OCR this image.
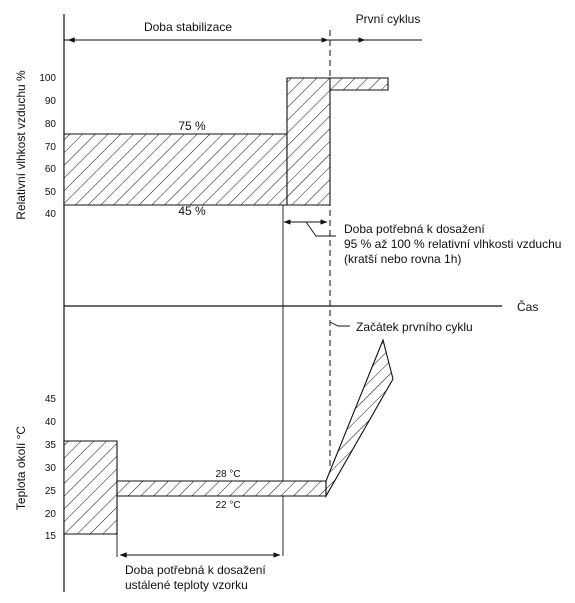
Doba stabilizace
První cyklus
100
90
80
70
60
50
40
Relativní vlhkost vzduchu %	75 %
45 %
Doba potřebná k dosažení
95 % až 100 % relativní vlhkosti vzduchu
(kratší nebo rovna 1h)
Čas
Začátek prvního cyklu
45
40
35
30
25
20
15
Teplota okolí °C	28 °C
22 °C
Doba potřebná k dosažení
ustálené teploty vzorku
